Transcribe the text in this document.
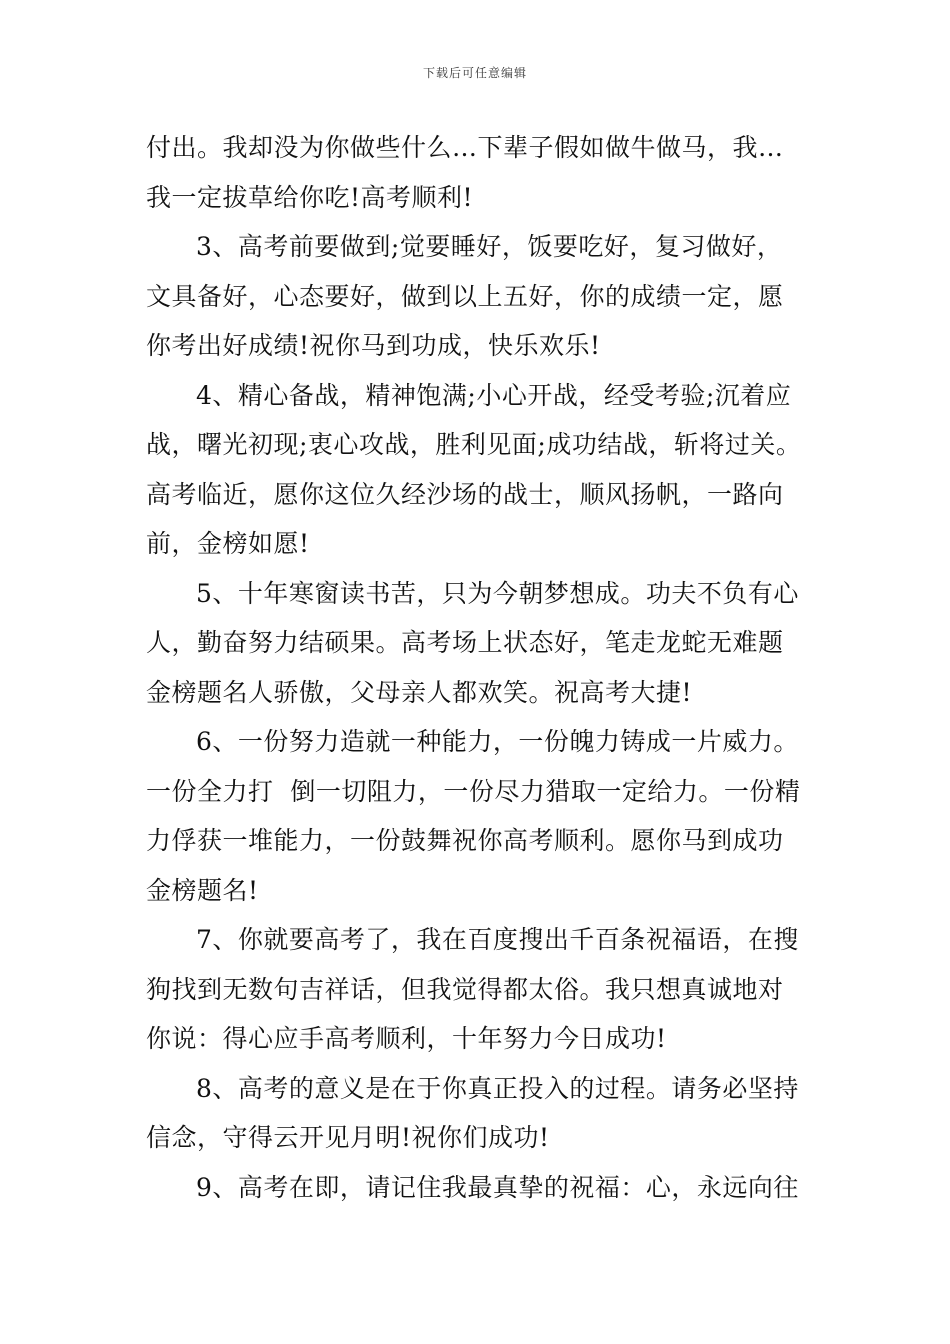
下载后可任意编辑
付出。我却没为你做些什么…下辈子假如做牛做马，我…
我一定拔草给你吃!高考顺利!
3、高考前要做到;觉要睡好，饭要吃好，复习做好，
文具备好，心态要好，做到以上五好，你的成绩一定，愿
你考出好成绩!祝你马到功成，快乐欢乐!
4、精心备战，精神饱满;小心开战，经受考验;沉着应
战，曙光初现;衷心攻战，胜利见面;成功结战，斩将过关。
高考临近，愿你这位久经沙场的战士，顺风扬帆，一路向
前，金榜如愿!
5、十年寒窗读书苦，只为今朝梦想成。功夫不负有心
人，勤奋努力结硕果。高考场上状态好，笔走龙蛇无难题
金榜题名人骄傲，父母亲人都欢笑。祝高考大捷!
6、一份努力造就一种能力，一份魄力铸成一片威力。
一份全力打  倒一切阻力，一份尽力猎取一定给力。一份精
力俘获一堆能力，一份鼓舞祝你高考顺利。愿你马到成功
金榜题名!
7、你就要高考了，我在百度搜出千百条祝福语，在搜
狗找到无数句吉祥话，但我觉得都太俗。我只想真诚地对
你说：得心应手高考顺利，十年努力今日成功!
8、高考的意义是在于你真正投入的过程。请务必坚持
信念，守得云开见月明!祝你们成功!
9、高考在即，请记住我最真挚的祝福：心，永远向往
